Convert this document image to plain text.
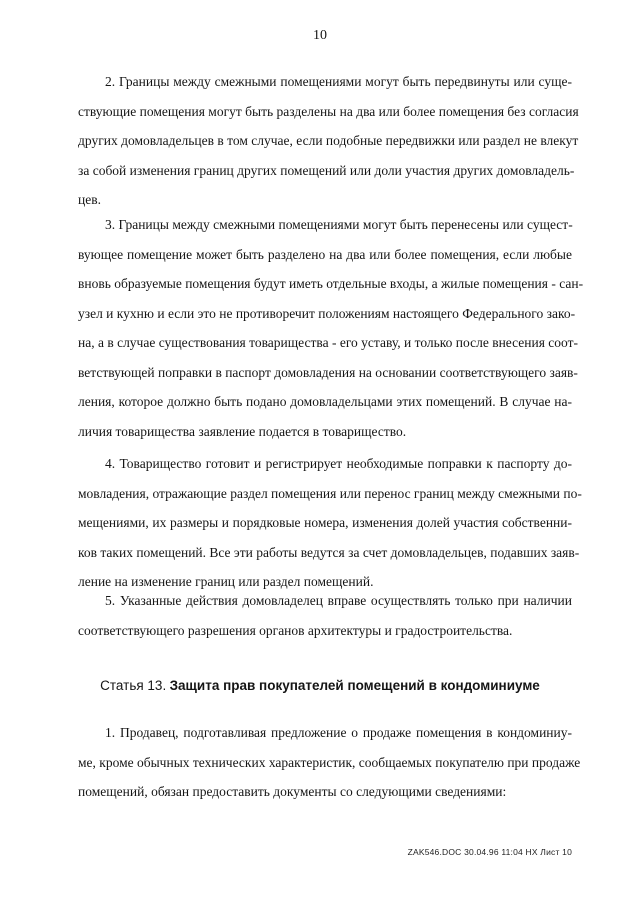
10
2. Границы между смежными помещениями могут быть передвинуты или суще-
ствующие помещения могут быть разделены на два или более помещения без согласия
других домовладельцев в том случае, если подобные передвижки или раздел не влекут
за собой изменения границ других помещений или доли участия других домовладель-
цев.
3. Границы между смежными помещениями могут быть перенесены или сущест-
вующее помещение может быть разделено на два или более помещения, если любые
вновь образуемые помещения будут иметь отдельные входы, а жилые помещения - сан-
узел и кухню и если это не противоречит положениям настоящего Федерального зако-
на, а в случае существования товарищества - его уставу, и только после внесения соот-
ветствующей поправки в паспорт домовладения на основании соответствующего заяв-
ления, которое должно быть подано домовладельцами этих помещений. В случае на-
личия товарищества заявление подается в товарищество.
4. Товарищество готовит и регистрирует необходимые поправки к паспорту до-
мовладения, отражающие раздел помещения или перенос границ между смежными по-
мещениями, их размеры и порядковые номера, изменения долей участия собственни-
ков таких помещений. Все эти работы ведутся за счет домовладельцев, подавших заяв-
ление на изменение границ или раздел помещений.
5. Указанные действия домовладелец вправе осуществлять только при наличии
соответствующего разрешения органов архитектуры и градостроительства.
Статья 13. Защита прав покупателей помещений в кондоминиуме
1. Продавец, подготавливая предложение о продаже помещения в кондоминиу-
ме, кроме обычных технических характеристик, сообщаемых покупателю при продаже
помещений, обязан предоставить документы со следующими сведениями:
ZAK546.DOC 30.04.96 11:04 НХ Лист 10
